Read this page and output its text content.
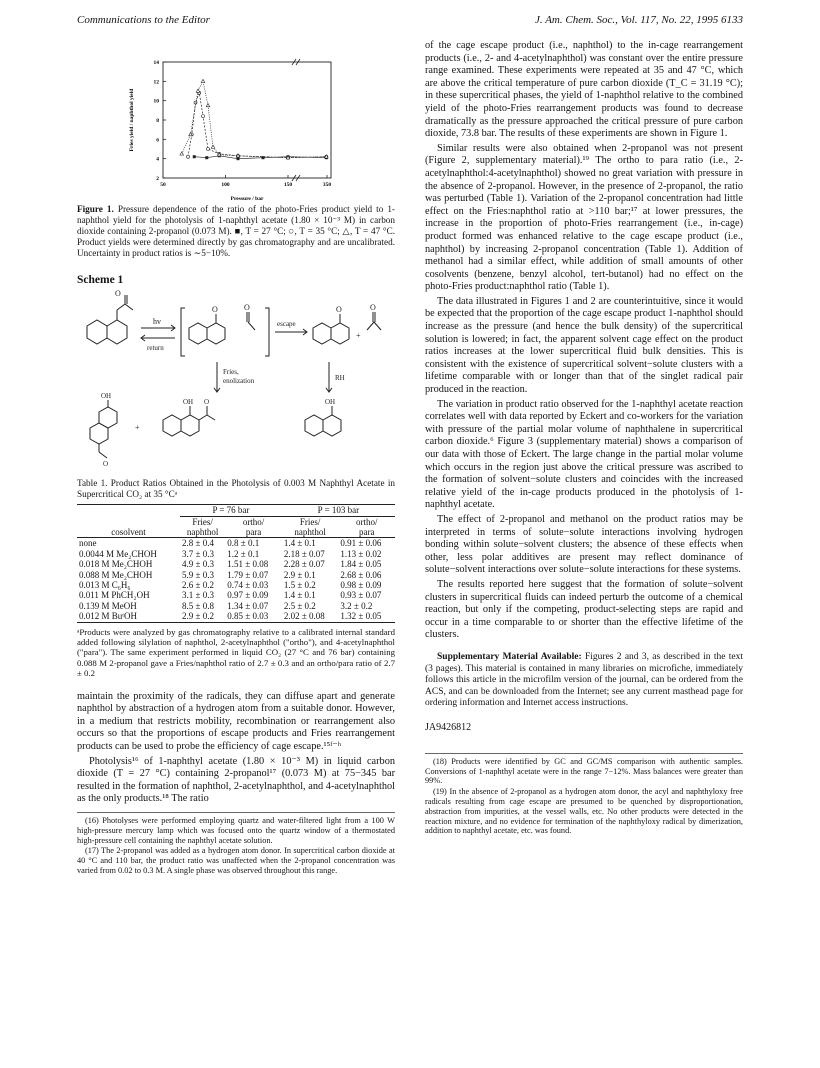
Communications to the Editor	J. Am. Chem. Soc., Vol. 117, No. 22, 1995 6133
Fries yield / naphthol yield
Pressure / bar
14
12
10
8
6
4
2
50	100	150	350

Figure 1. Pressure dependence of the ratio of the photo-Fries product yield to 1-naphthol yield for the photolysis of 1-naphthyl acetate (1.80 × 10⁻³ M) in carbon dioxide containing 2-propanol (0.073 M). ■, T = 27 °C; ○, T = 35 °C; △, T = 47 °C. Product yields were determined directly by gas chromatography and are uncalibrated. Uncertainty in product ratios is ∼5−10%.

Scheme 1
O
hv
return
O	O
escape
O
+
O
Fries,
enolization	RH
OH
O
+
OH O	OH

Table 1. Product Ratios Obtained in the Photolysis of 0.003 M Naphthyl Acetate in Supercritical CO₂ at 35 °Cᵃ

	P = 76 bar		P = 103 bar	
	Fries/	ortho/	Fries/	ortho/
cosolvent	naphthol	para	naphthol	para
none	2.8 ± 0.4	0.8 ± 0.1	1.4 ± 0.1	0.91 ± 0.06
0.0044 M Me₂CHOH	3.7 ± 0.3	1.2 ± 0.1	2.18 ± 0.07	1.13 ± 0.02
0.018 M Me₂CHOH	4.9 ± 0.3	1.51 ± 0.08	2.28 ± 0.07	1.84 ± 0.05
0.088 M Me₂CHOH	5.9 ± 0.3	1.79 ± 0.07	2.9 ± 0.1	2.68 ± 0.06
0.013 M C₆H₆	2.6 ± 0.2	0.74 ± 0.03	1.5 ± 0.2	0.98 ± 0.09
0.011 M PhCH₂OH	3.1 ± 0.3	0.97 ± 0.09	1.4 ± 0.1	0.93 ± 0.07
0.139 M MeOH	8.5 ± 0.8	1.34 ± 0.07	2.5 ± 0.2	3.2 ± 0.2
0.012 M BuᵗOH	2.9 ± 0.2	0.85 ± 0.03	2.02 ± 0.08	1.32 ± 0.05

ᵃProducts were analyzed by gas chromatography relative to a calibrated internal standard added following silylation of naphthol, 2-acetylnaphthol ("ortho"), and 4-acetylnaphthol ("para"). The same experiment performed in liquid CO₂ (27 °C and 76 bar) containing 0.088 M 2-propanol gave a Fries/naphthol ratio of 2.7 ± 0.3 and an ortho/para ratio of 2.7 ± 0.2

maintain the proximity of the radicals, they can diffuse apart and generate naphthol by abstraction of a hydrogen atom from a suitable donor. However, in a medium that restricts mobility, recombination or rearrangement also occurs so that the proportions of escape products and Fries rearrangement products can be used to probe the efficiency of cage escape.¹⁵ᶠ⁻ʰ

Photolysis¹⁶ of 1-naphthyl acetate (1.80 × 10⁻³ M) in liquid carbon dioxide (T = 27 °C) containing 2-propanol¹⁷ (0.073 M) at 75−345 bar resulted in the formation of naphthol, 2-acetylnaphthol, and 4-acetylnaphthol as the only products.¹⁸ The ratio

(16) Photolyses were performed employing quartz and water-filtered light from a 100 W high-pressure mercury lamp which was focused onto the quartz window of a thermostated high-pressure cell containing the naphthyl acetate solution.

(17) The 2-propanol was added as a hydrogen atom donor. In supercritical carbon dioxide at 40 °C and 110 bar, the product ratio was unaffected when the 2-propanol concentration was varied from 0.02 to 0.3 M. A single phase was observed throughout this range.

of the cage escape product (i.e., naphthol) to the in-cage rearrangement products (i.e., 2- and 4-acetylnaphthol) was constant over the entire pressure range examined. These experiments were repeated at 35 and 47 °C, which are above the critical temperature of pure carbon dioxide (T_C = 31.19 °C); in these supercritical phases, the yield of 1-naphthol relative to the combined yield of the photo-Fries rearrangement products was found to decrease dramatically as the pressure approached the critical pressure of pure carbon dioxide, 73.8 bar. The results of these experiments are shown in Figure 1.

Similar results were also obtained when 2-propanol was not present (Figure 2, supplementary material).¹⁹ The ortho to para ratio (i.e., 2-acetylnaphthol:4-acetylnaphthol) showed no great variation with pressure in the absence of 2-propanol. However, in the presence of 2-propanol, the ratio was perturbed (Table 1). Variation of the 2-propanol concentration had little effect on the Fries:naphthol ratio at >110 bar;¹⁷ at lower pressures, the increase in the proportion of photo-Fries rearrangement (i.e., in-cage) product formed was enhanced relative to the cage escape product (i.e., naphthol) by increasing 2-propanol concentration (Table 1). Addition of methanol had a similar effect, while addition of small amounts of other cosolvents (benzene, benzyl alcohol, tert-butanol) had no effect on the photo-Fries product:naphthol ratio (Table 1).

The data illustrated in Figures 1 and 2 are counterintuitive, since it would be expected that the proportion of the cage escape product 1-naphthol should increase as the pressure (and hence the bulk density) of the supercritical solution is lowered; in fact, the apparent solvent cage effect on the product ratios increases at the lower supercritical fluid bulk densities. This is consistent with the existence of supercritical solvent−solute clusters with a lifetime comparable with or longer than that of the singlet radical pair produced in the reaction.

The variation in product ratio observed for the 1-naphthyl acetate reaction correlates well with data reported by Eckert and co-workers for the variation with pressure of the partial molar volume of naphthalene in supercritical carbon dioxide.⁶ Figure 3 (supplementary material) shows a comparison of our data with those of Eckert. The large change in the partial molar volume which occurs in the region just above the critical pressure was ascribed to the formation of solvent−solute clusters and coincides with the increased relative yield of the in-cage products produced in the photolysis of 1-naphthyl acetate.

The effect of 2-propanol and methanol on the product ratios may be interpreted in terms of solute−solute interactions involving hydrogen bonding within solute−solvent clusters; the absence of these effects when other, less polar additives are present may reflect dominance of solute−solvent interactions over solute−solute interactions for these systems.

The results reported here suggest that the formation of solute−solvent clusters in supercritical fluids can indeed perturb the outcome of a chemical reaction, but only if the competing, product-selecting steps are rapid and occur in a time comparable to or shorter than the effective lifetime of the clusters.

Supplementary Material Available: Figures 2 and 3, as described in the text (3 pages). This material is contained in many libraries on microfiche, immediately follows this article in the microfilm version of the journal, can be ordered from the ACS, and can be downloaded from the Internet; see any current masthead page for ordering information and Internet access instructions.

JA9426812

(18) Products were identified by GC and GC/MS comparison with authentic samples. Conversions of 1-naphthyl acetate were in the range 7−12%. Mass balances were greater than 99%.

(19) In the absence of 2-propanol as a hydrogen atom donor, the acyl and naphthyloxy free radicals resulting from cage escape are presumed to be quenched by disproportionation, abstraction from impurities, at the vessel walls, etc. No other products were detected in the reaction mixture, and no evidence for termination of the naphthyloxy radical by dimerization, addition to naphthyl acetate, etc. was found.
